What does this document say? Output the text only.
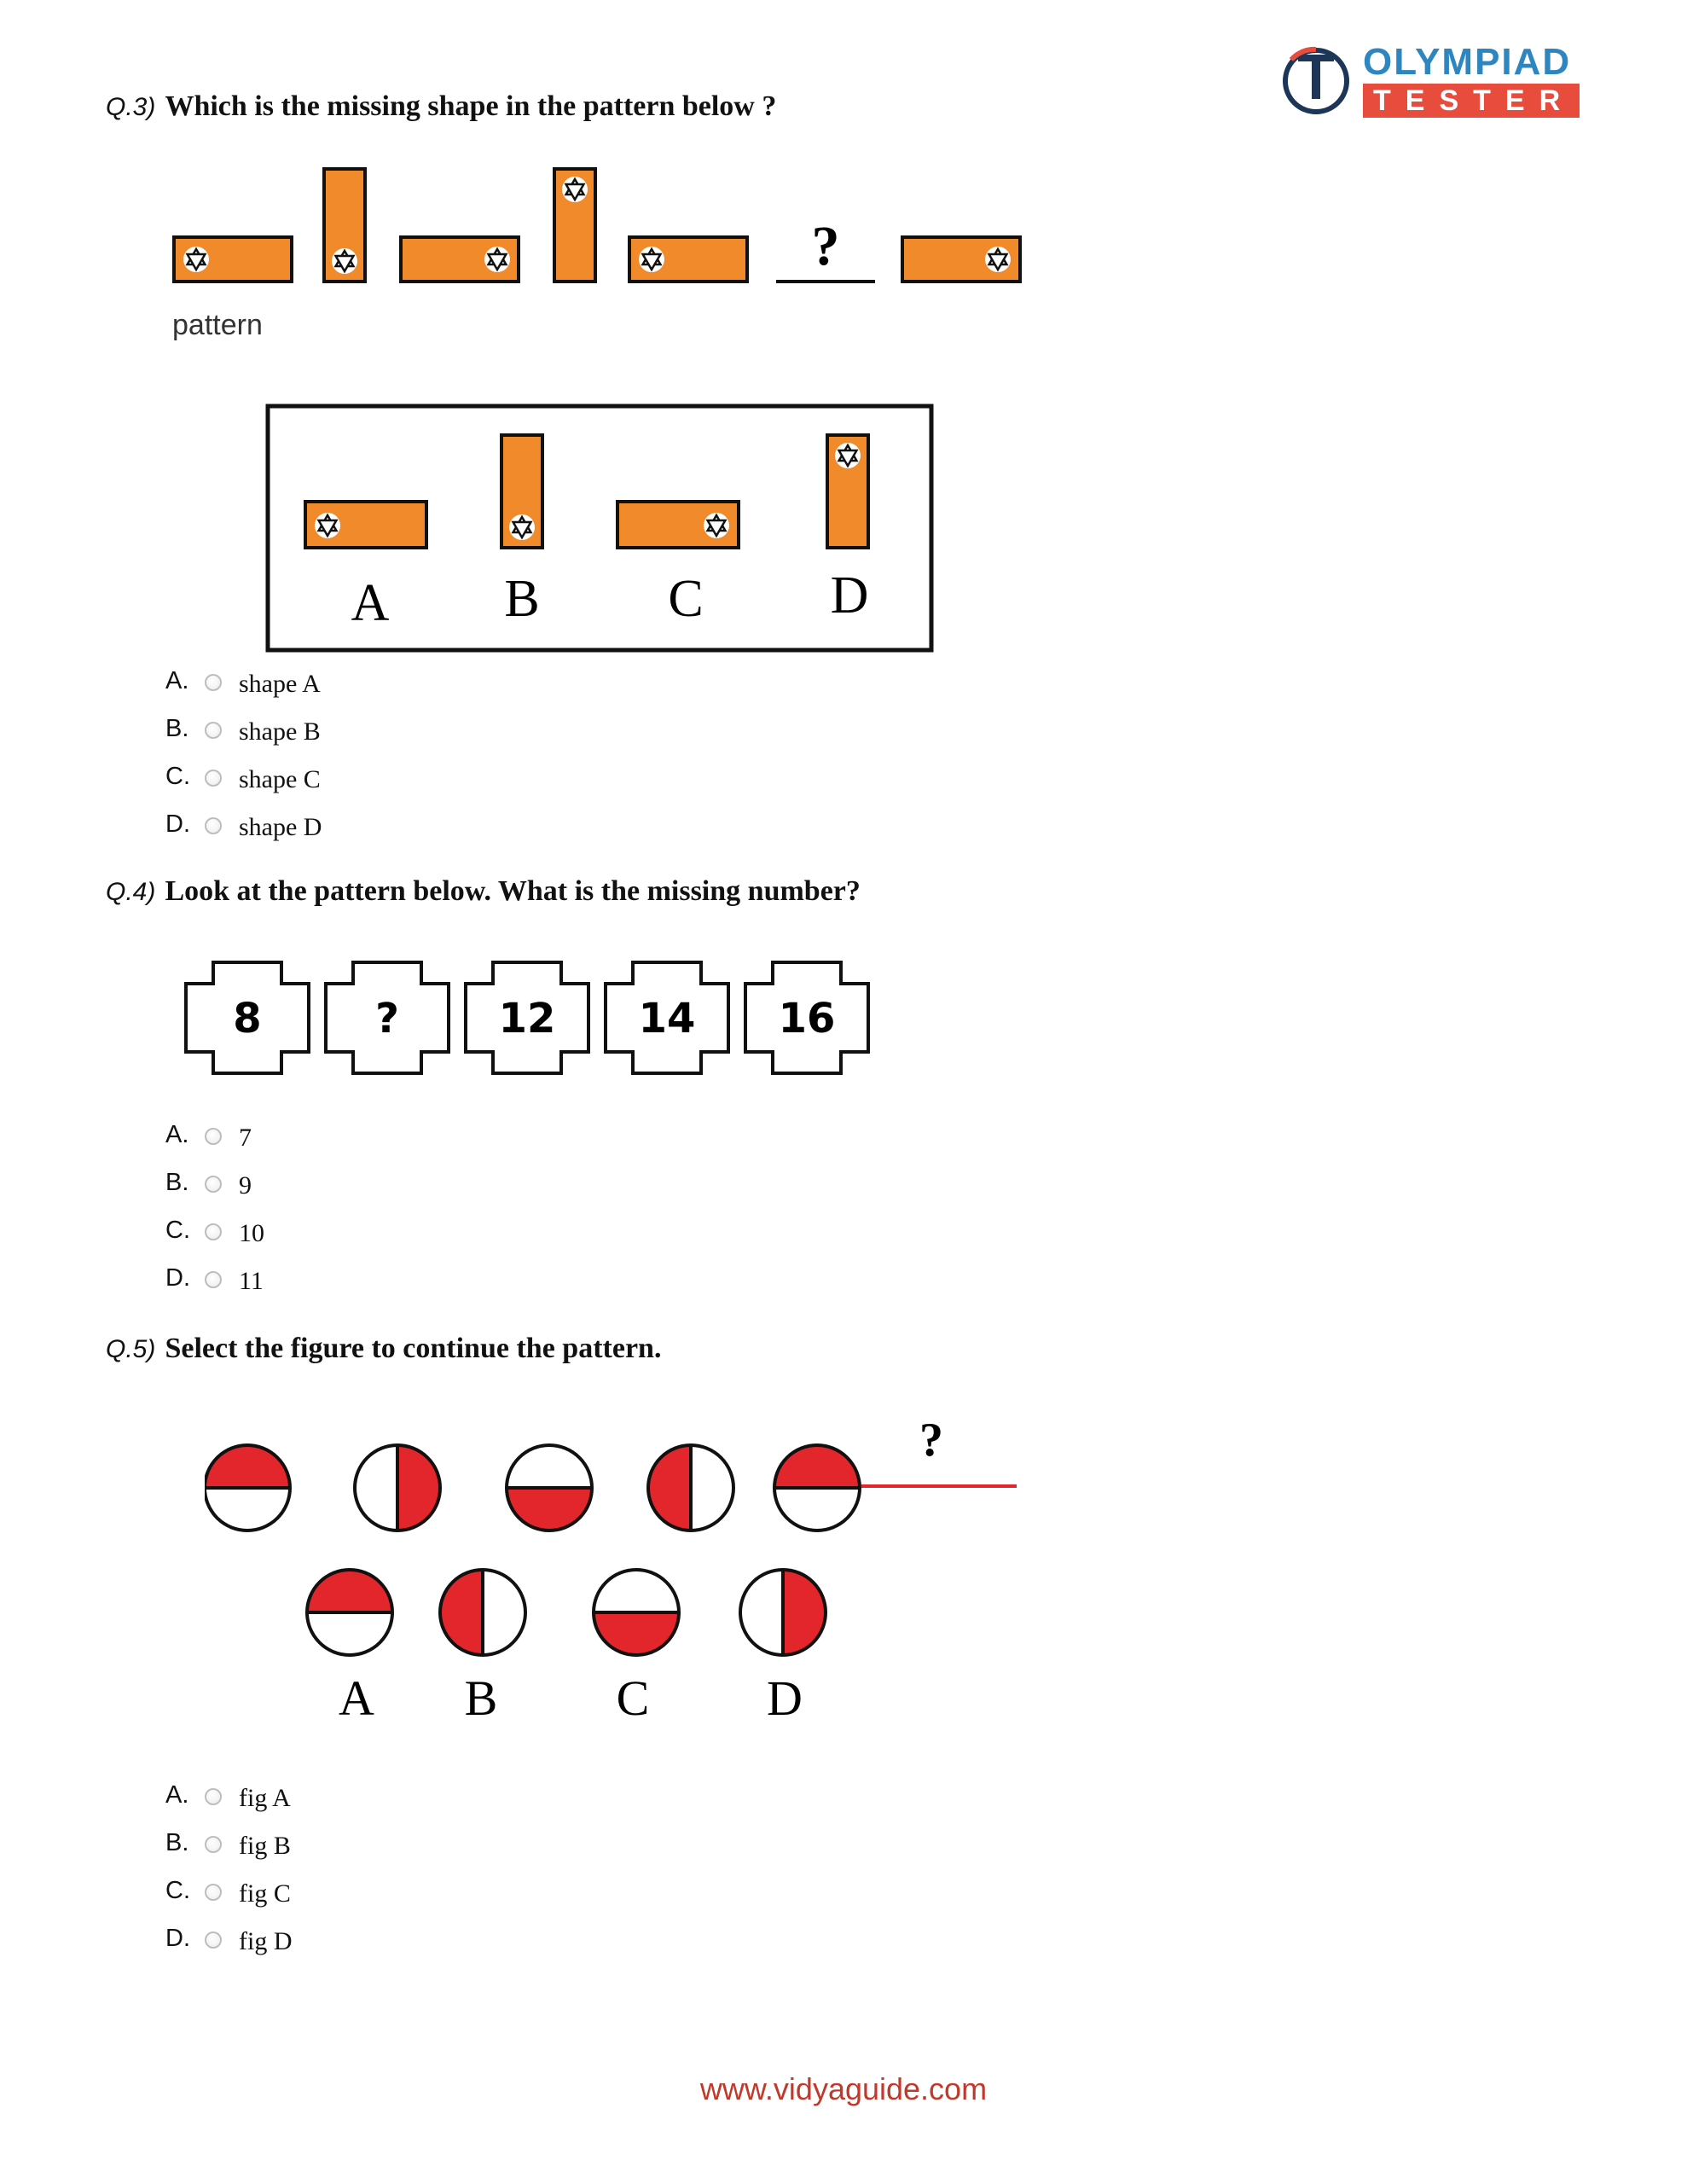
OLYMPIAD
TESTER
Q.3) Which is the missing shape in the pattern below ?
?
pattern
A B C D
A.	shape A
B.	shape B
C.	shape C
D.	shape D
Q.4) Look at the pattern below. What is the missing number?
8	? 12 14 16
A.	7
B.	9
C.	10
D.	11
Q.5) Select the figure to continue the pattern.
?
A B C D
A.	fig A
B.	fig B
C.	fig C
D.	fig D
www.vidyaguide.com
